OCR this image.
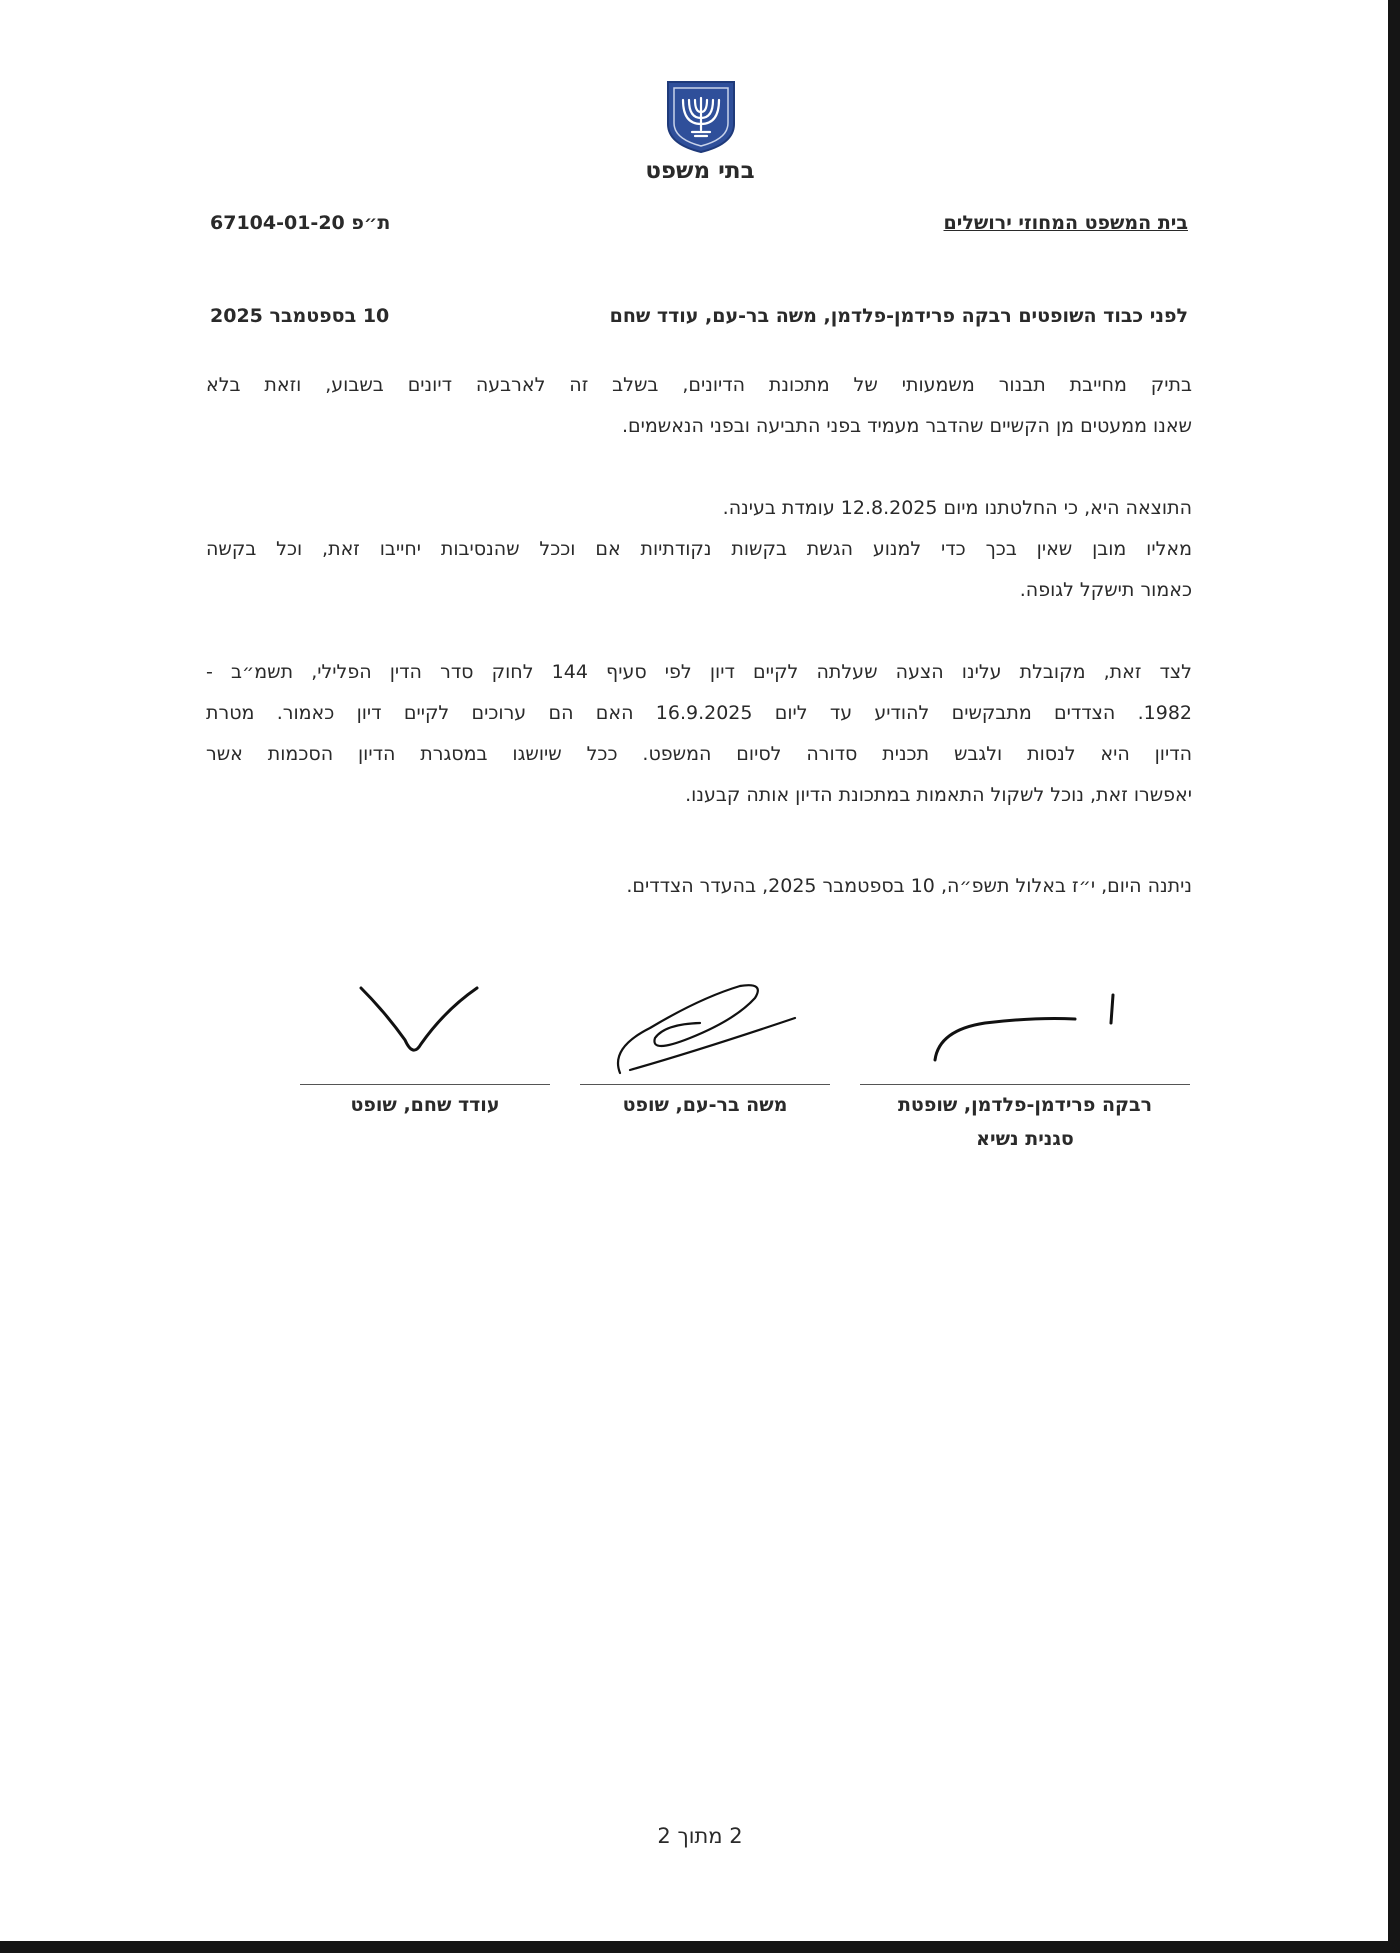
בתי משפט
בית המשפט המחוזי ירושלים
ת״פ 67104-01-20
לפני כבוד השופטים רבקה פרידמן-פלדמן, משה בר-עם, עודד שחם
10 בספטמבר 2025
בתיק מחייבת תבנור משמעותי של מתכונת הדיונים, בשלב זה לארבעה דיונים בשבוע, וזאת בלא
שאנו ממעטים מן הקשיים שהדבר מעמיד בפני התביעה ובפני הנאשמים.
התוצאה היא, כי החלטתנו מיום 12.8.2025 עומדת בעינה.
מאליו מובן שאין בכך כדי למנוע הגשת בקשות נקודתיות אם וככל שהנסיבות יחייבו זאת, וכל בקשה
כאמור תישקל לגופה.
לצד זאת, מקובלת עלינו הצעה שעלתה לקיים דיון לפי סעיף 144 לחוק סדר הדין הפלילי, תשמ״ב -
1982. הצדדים מתבקשים להודיע עד ליום 16.9.2025 האם הם ערוכים לקיים דיון כאמור. מטרת
הדיון היא לנסות ולגבש תכנית סדורה לסיום המשפט. ככל שיושגו במסגרת הדיון הסכמות אשר
יאפשרו זאת, נוכל לשקול התאמות במתכונת הדיון אותה קבענו.
ניתנה היום, י״ז באלול תשפ״ה, 10 בספטמבר 2025, בהעדר הצדדים.
רבקה פרידמן-פלדמן, שופטת
סגנית נשיא
משה בר-עם, שופט
עודד שחם, שופט
2 מתוך 2
